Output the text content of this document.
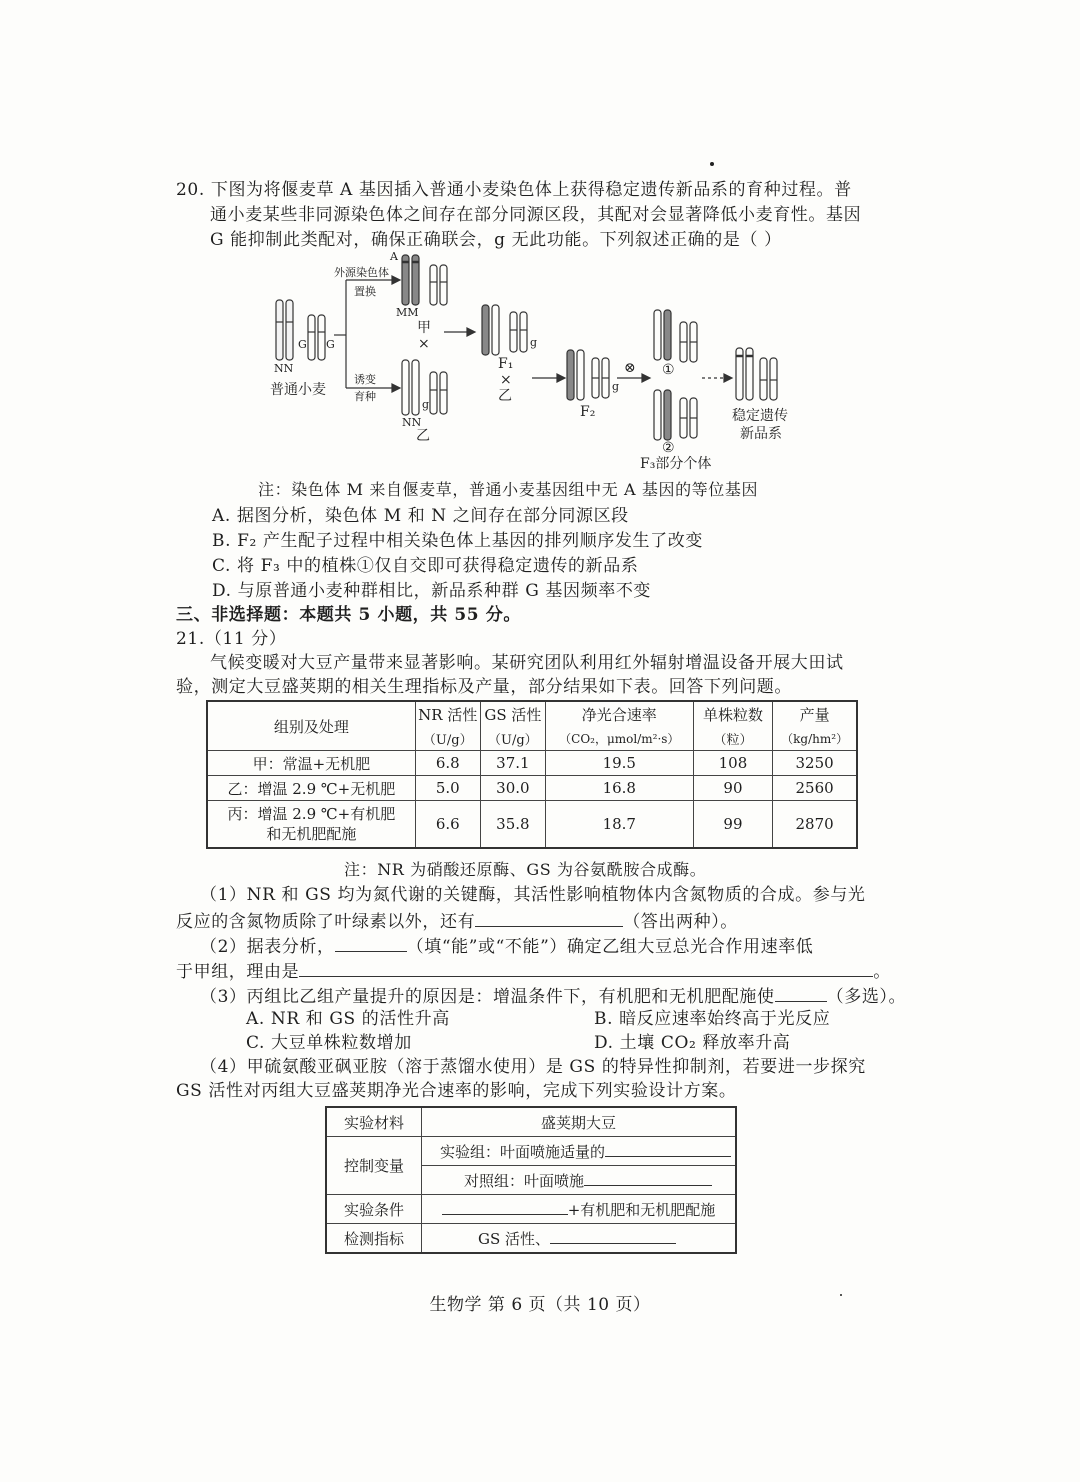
20. 下图为将偃麦草 A 基因插入普通小麦染色体上获得稳定遗传新品系的育种过程。普
通小麦某些非同源染色体之间存在部分同源区段，其配对会显著降低小麦育性。基因
G 能抑制此类配对，确保正确联会，g 无此功能。下列叙述正确的是（ ）
外源染色体
置换
诱变
育种
NN
MM
NN
A
G G
g
g
g
普通小麦
甲
×
乙
F₁
×
乙
F₂
⊗ ①
②
F₃部分个体
稳定遗传
新品系
注：染色体 M 来自偃麦草，普通小麦基因组中无 A 基因的等位基因
A. 据图分析，染色体 M 和 N 之间存在部分同源区段
B. F₂ 产生配子过程中相关染色体上基因的排列顺序发生了改变
C. 将 F₃ 中的植株①仅自交即可获得稳定遗传的新品系
D. 与原普通小麦种群相比，新品系种群 G 基因频率不变
三、非选择题：本题共 5 小题，共 55 分。
21.（11 分）
气候变暖对大豆产量带来显著影响。某研究团队利用红外辐射增温设备开展大田试
验，测定大豆盛荚期的相关生理指标及产量，部分结果如下表。回答下列问题。
组别及处理	NR 活性	GS 活性	净光合速率	单株粒数	产量
	（U/g）	（U/g）	（CO₂，μmol/m²·s）	（粒）	（kg/hm²）
甲：常温+无机肥	6.8	37.1	19.5	108	3250
乙：增温 2.9 ℃+无机肥	5.0	30.0	16.8	90	2560

丙：增温 2.9 ℃+有机肥
和无机肥配施	6.6	35.8	18.7	99	2870
注：NR 为硝酸还原酶、GS 为谷氨酰胺合成酶。
（1）NR 和 GS 均为氮代谢的关键酶，其活性影响植物体内含氮物质的合成。参与光
反应的含氮物质除了叶绿素以外，还有	（答出两种）。
（2）据表分析，	（填“能”或“不能”）确定乙组大豆总光合作用速率低
于甲组，理由是	。
（3）丙组比乙组产量提升的原因是：增温条件下，有机肥和无机肥配施使	（多选）。
A. NR 和 GS 的活性升高	B. 暗反应速率始终高于光反应
C. 大豆单株粒数增加	D. 土壤 CO₂ 释放率升高
（4）甲硫氨酸亚砜亚胺（溶于蒸馏水使用）是 GS 的特异性抑制剂，若要进一步探究
GS 活性对丙组大豆盛荚期净光合速率的影响，完成下列实验设计方案。
实验材料	盛荚期大豆
控制变量	实验组：叶面喷施适量的
	对照组：叶面喷施
实验条件	+有机肥和无机肥配施
检测指标	GS 活性、
生物学 第 6 页（共 10 页）
